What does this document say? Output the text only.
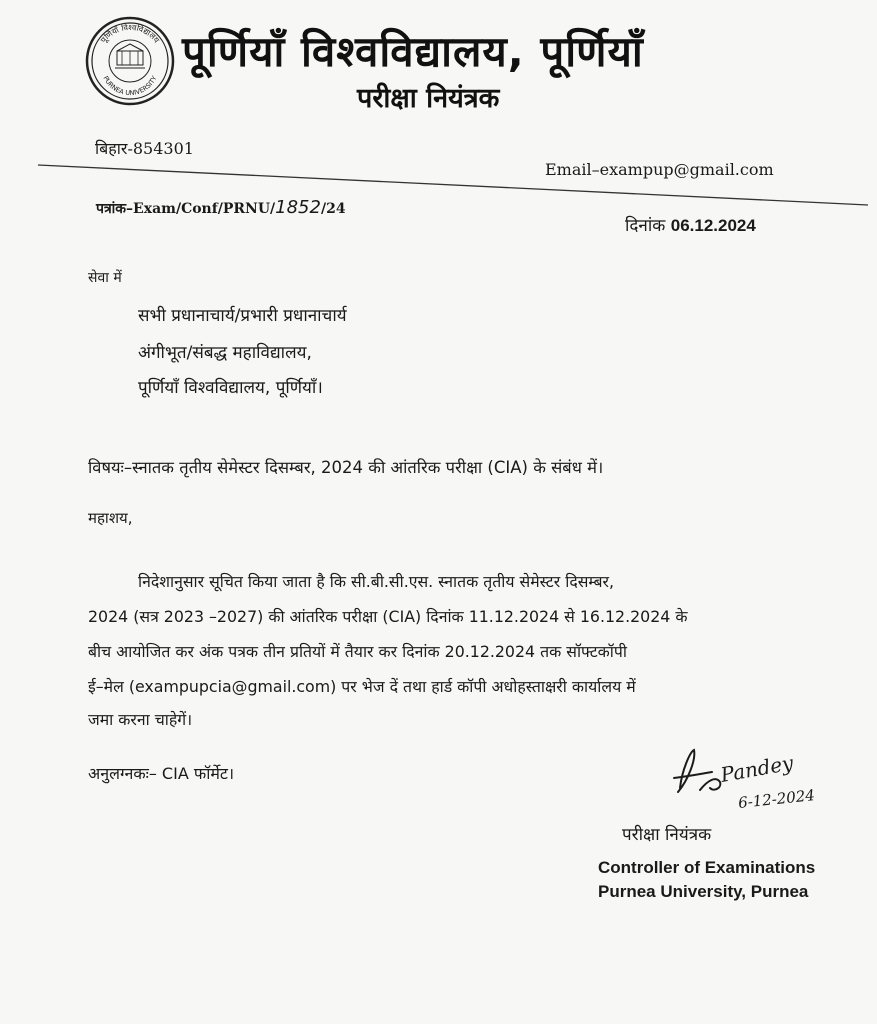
पूर्णियाँ विश्वविद्यालय
PURNEA UNIVERSITY
पूर्णियाँ विश्वविद्यालय, पूर्णियाँ
परीक्षा नियंत्रक
बिहार-854301
Email–exampup@gmail.com
पत्रांक–Exam/Conf/PRNU/1852/24
दिनांक 06.12.2024
सेवा में
सभी प्रधानाचार्य/प्रभारी प्रधानाचार्य
अंगीभूत/संबद्ध महाविद्यालय,
पूर्णियाँ विश्वविद्यालय, पूर्णियाँ।
विषयः–स्नातक तृतीय सेमेस्टर दिसम्बर, 2024 की आंतरिक परीक्षा (CIA) के संबंध में।
महाशय,
निदेशानुसार सूचित किया जाता है कि सी.बी.सी.एस. स्नातक तृतीय सेमेस्टर दिसम्बर,
2024 (सत्र 2023 –2027) की आंतरिक परीक्षा (CIA) दिनांक 11.12.2024 से 16.12.2024 के
बीच आयोजित कर अंक पत्रक तीन प्रतियों में तैयार कर दिनांक 20.12.2024 तक सॉफ्टकॉपी
ई–मेल (exampupcia@gmail.com) पर भेज दें तथा हार्ड कॉपी अधोहस्ताक्षरी कार्यालय में
जमा करना चाहेगें।
अनुलग्नकः– CIA फॉर्मेट।	Pandey
6-12-2024
परीक्षा नियंत्रक
Controller of Examinations
Purnea University, Purnea
